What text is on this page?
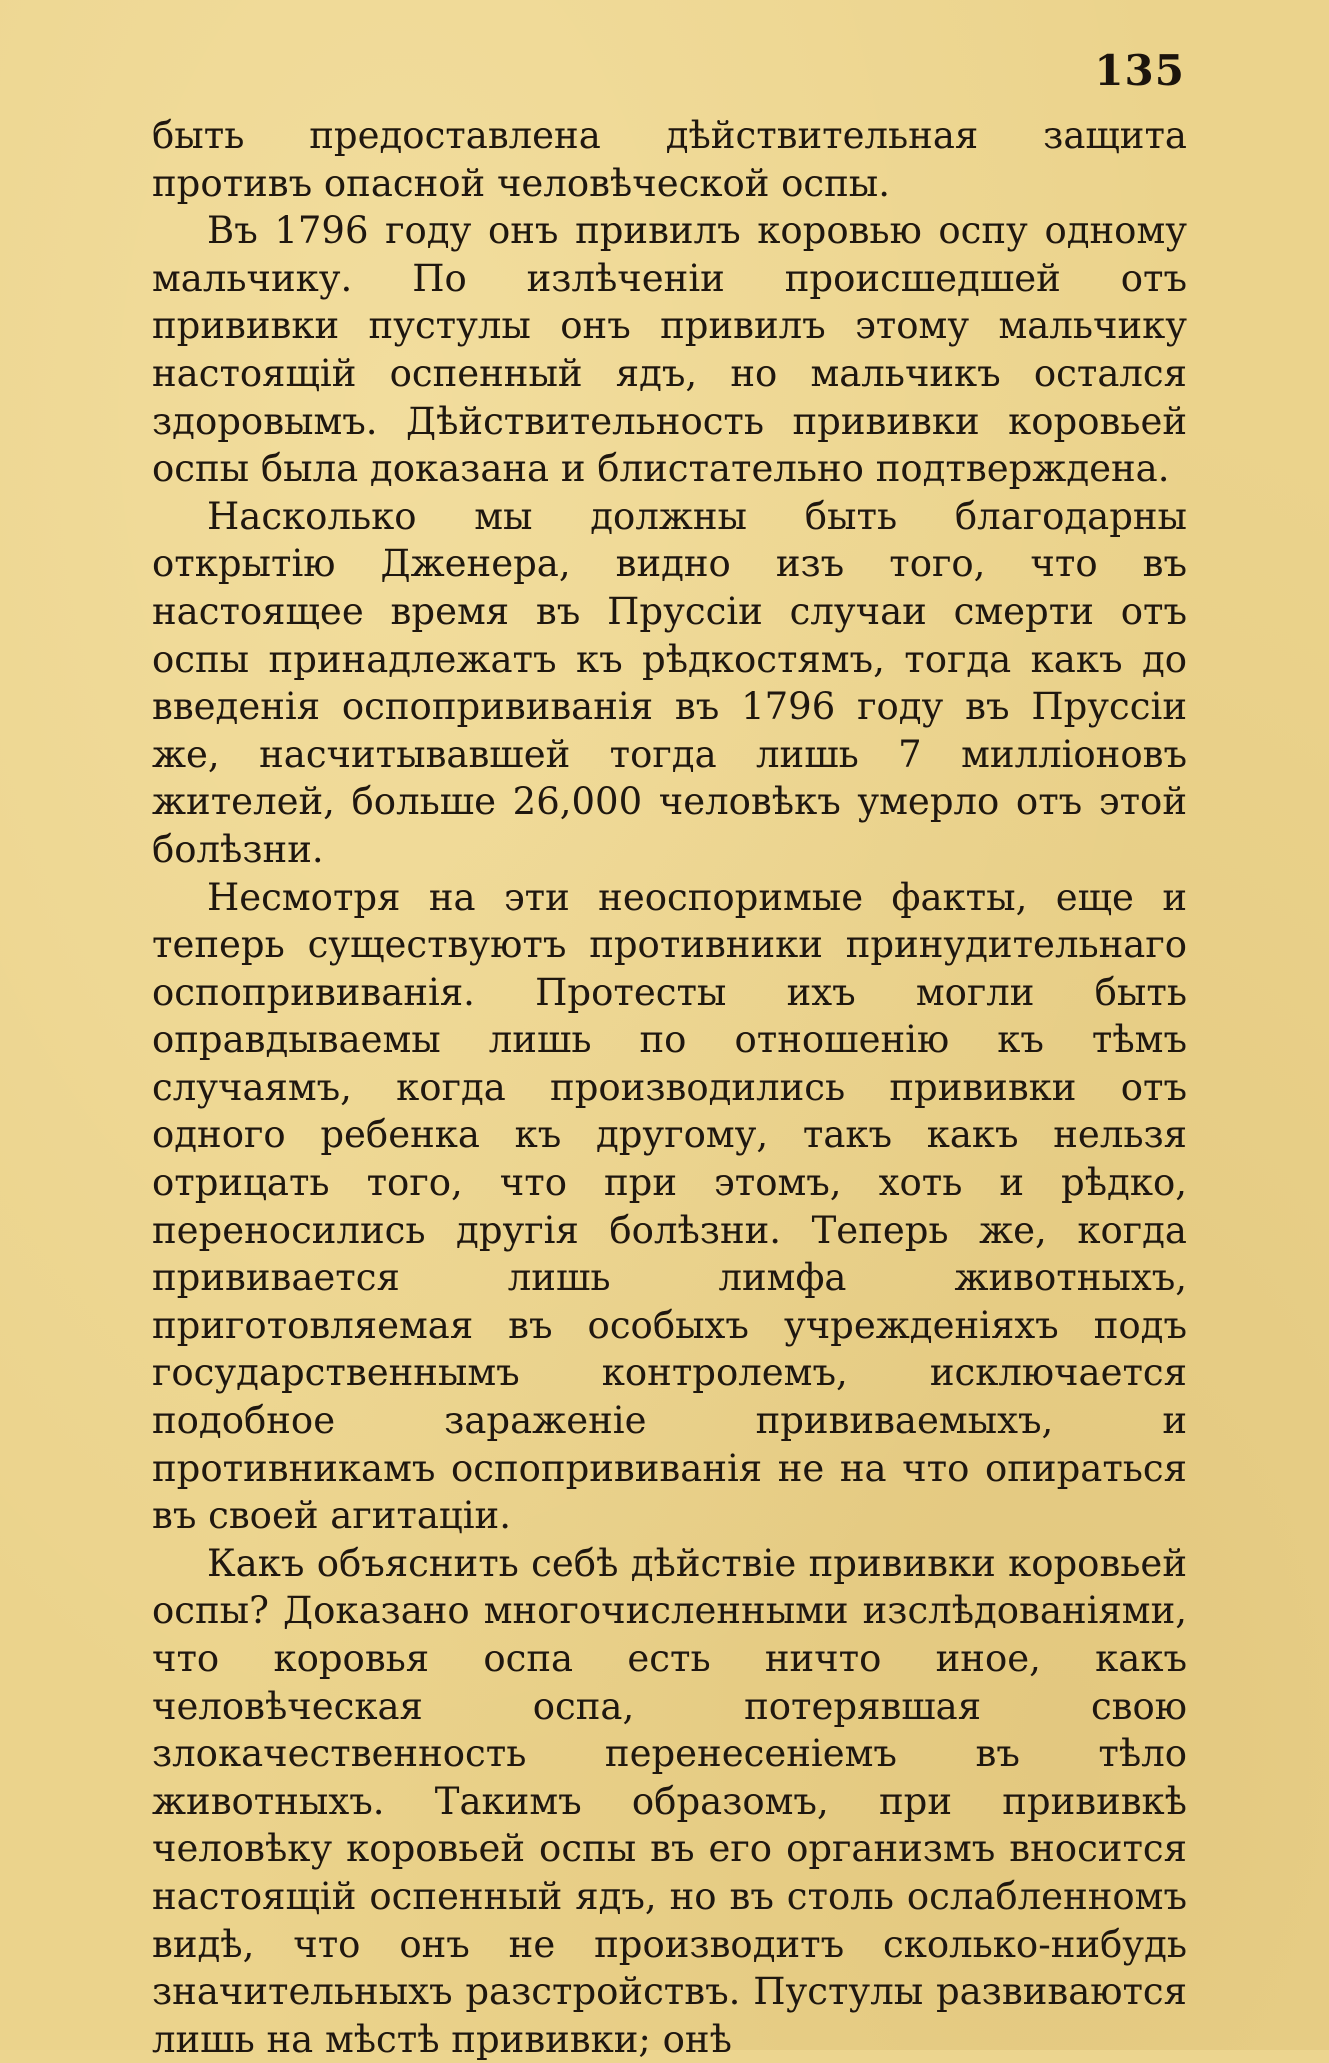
135

быть предоставлена дѣйствительная защита противъ опасной человѣческой оспы.

Въ 1796 году онъ привилъ коровью оспу одному мальчику. По излѣченіи происшедшей отъ прививки пустулы онъ привилъ этому мальчику настоящій оспенный ядъ, но мальчикъ остался здоровымъ. Дѣйствительность прививки коровьей оспы была доказана и блистательно подтверждена.

Насколько мы должны быть благодарны открытію Дженера, видно изъ того, что въ настоящее время въ Пруссіи случаи смерти отъ оспы принадлежатъ къ рѣдкостямъ, тогда какъ до введенія оспопрививанія въ 1796 году въ Пруссіи же, насчитывавшей тогда лишь 7 милліоновъ жителей, больше 26,000 человѣкъ умерло отъ этой болѣзни.

Несмотря на эти неоспоримые факты, еще и теперь существуютъ противники принудительнаго оспопрививанія. Протесты ихъ могли быть оправдываемы лишь по отношенію къ тѣмъ случаямъ, когда производились прививки отъ одного ребенка къ другому, такъ какъ нельзя отрицать того, что при этомъ, хоть и рѣдко, переносились другія болѣзни. Теперь же, когда прививается лишь лимфа животныхъ, приготовляемая въ особыхъ учрежденіяхъ подъ государственнымъ контролемъ, исключается подобное зараженіе прививаемыхъ, и противникамъ оспопрививанія не на что опираться въ своей агитаціи.

Какъ объяснить себѣ дѣйствіе прививки коровьей оспы? Доказано многочисленными изслѣдованіями, что коровья оспа есть ничто иное, какъ человѣческая оспа, потерявшая свою злокачественность перенесеніемъ въ тѣло животныхъ. Такимъ образомъ, при прививкѣ человѣку коровьей оспы въ его организмъ вносится настоящій оспенный ядъ, но въ столь ослабленномъ видѣ, что онъ не производитъ сколько-нибудь значительныхъ разстройствъ. Пустулы развиваются лишь на мѣстѣ прививки; онѣ
